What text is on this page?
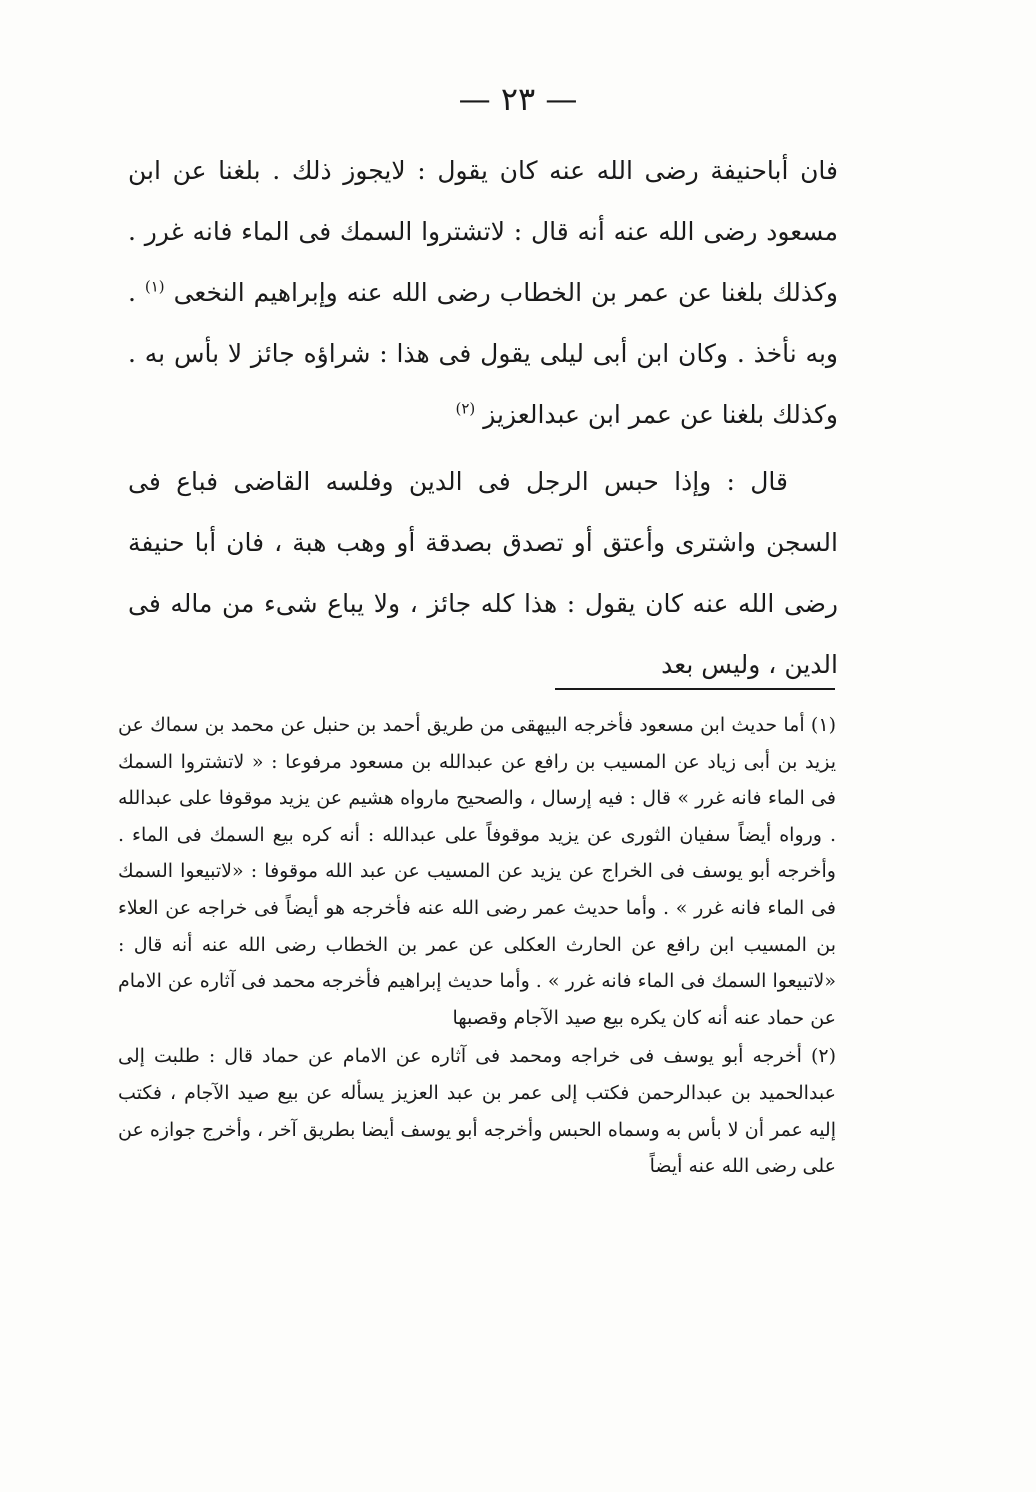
— ٢٣ —

فان أباحنيفة رضى الله عنه كان يقول : لايجوز ذلك . بلغنا عن ابن مسعود رضى الله عنه أنه قال : لاتشتروا السمك فى الماء فانه غرر . وكذلك بلغنا عن عمر بن الخطاب رضى الله عنه وإبراهيم النخعى $^{(١)}$ . وبه نأخذ . وكان ابن أبى ليلى يقول فى هذا : شراؤه جائز لا بأس به . وكذلك بلغنا عن عمر ابن عبدالعزيز $^{(٢)}$

قال : وإذا حبس الرجل فى الدين وفلسه القاضى فباع فى السجن واشترى وأعتق أو تصدق بصدقة أو وهب هبة ، فان أبا حنيفة رضى الله عنه كان يقول : هذا كله جائز ، ولا يباع شىء من ماله فى الدين ، وليس بعد

(١) أما حديث ابن مسعود فأخرجه البيهقى من طريق أحمد بن حنبل عن محمد بن سماك عن يزيد بن أبى زياد عن المسيب بن رافع عن عبدالله بن مسعود مرفوعا : « لاتشتروا السمك فى الماء فانه غرر » قال : فيه إرسال ، والصحيح مارواه هشيم عن يزيد موقوفا على عبدالله . ورواه أيضاً سفيان الثورى عن يزيد موقوفاً على عبدالله : أنه كره بيع السمك فى الماء . وأخرجه أبو يوسف فى الخراج عن يزيد عن المسيب عن عبد الله موقوفا : «لاتبيعوا السمك فى الماء فانه غرر » . وأما حديث عمر رضى الله عنه فأخرجه هو أيضاً فى خراجه عن العلاء بن المسيب ابن رافع عن الحارث العكلى عن عمر بن الخطاب رضى الله عنه أنه قال : «لاتبيعوا السمك فى الماء فانه غرر » . وأما حديث إبراهيم فأخرجه محمد فى آثاره عن الامام عن حماد عنه أنه كان يكره بيع صيد الآجام وقصبها

(٢) أخرجه أبو يوسف فى خراجه ومحمد فى آثاره عن الامام عن حماد قال : طلبت إلى عبدالحميد بن عبدالرحمن فكتب إلى عمر بن عبد العزيز يسأله عن بيع صيد الآجام ، فكتب إليه عمر أن لا بأس به وسماه الحبس وأخرجه أبو يوسف أيضا بطريق آخر ، وأخرج جوازه عن على رضى الله عنه أيضاً
